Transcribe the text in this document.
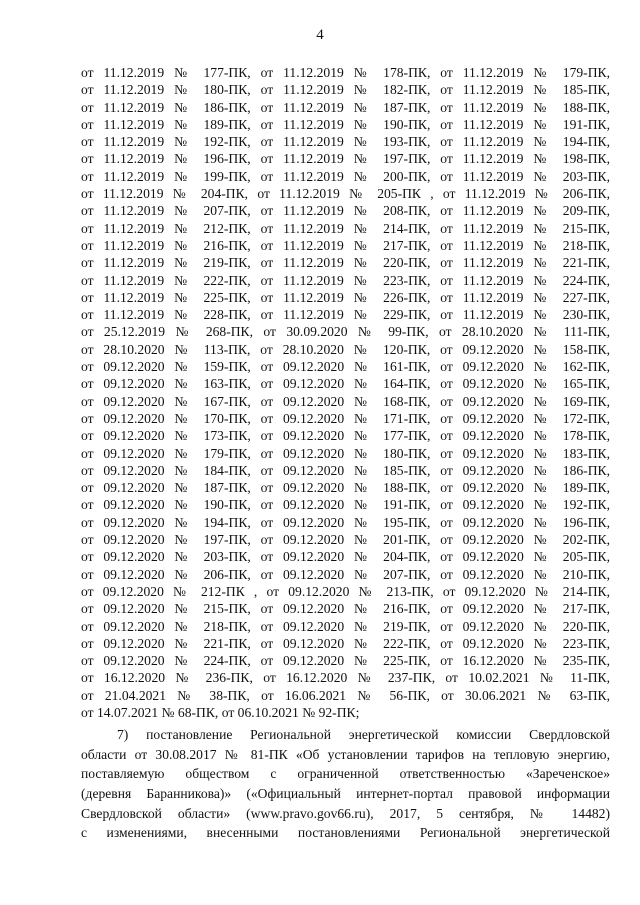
4
от 11.12.2019 № 177-ПК, от 11.12.2019 № 178-ПК, от 11.12.2019 № 179-ПК,
от 11.12.2019 № 180-ПК, от 11.12.2019 № 182-ПК, от 11.12.2019 № 185-ПК,
от 11.12.2019 № 186-ПК, от 11.12.2019 № 187-ПК, от 11.12.2019 № 188-ПК,
от 11.12.2019 № 189-ПК, от 11.12.2019 № 190-ПК, от 11.12.2019 № 191-ПК,
от 11.12.2019 № 192-ПК, от 11.12.2019 № 193-ПК, от 11.12.2019 № 194-ПК,
от 11.12.2019 № 196-ПК, от 11.12.2019 № 197-ПК, от 11.12.2019 № 198-ПК,
от 11.12.2019 № 199-ПК, от 11.12.2019 № 200-ПК, от 11.12.2019 № 203-ПК,
от 11.12.2019 № 204-ПК, от 11.12.2019 № 205-ПК , от 11.12.2019 № 206-ПК,
от 11.12.2019 № 207-ПК, от 11.12.2019 № 208-ПК, от 11.12.2019 № 209-ПК,
от 11.12.2019 № 212-ПК, от 11.12.2019 № 214-ПК, от 11.12.2019 № 215-ПК,
от 11.12.2019 № 216-ПК, от 11.12.2019 № 217-ПК, от 11.12.2019 № 218-ПК,
от 11.12.2019 № 219-ПК, от 11.12.2019 № 220-ПК, от 11.12.2019 № 221-ПК,
от 11.12.2019 № 222-ПК, от 11.12.2019 № 223-ПК, от 11.12.2019 № 224-ПК,
от 11.12.2019 № 225-ПК, от 11.12.2019 № 226-ПК, от 11.12.2019 № 227-ПК,
от 11.12.2019 № 228-ПК, от 11.12.2019 № 229-ПК, от 11.12.2019 № 230-ПК,
от 25.12.2019 № 268-ПК, от 30.09.2020 № 99-ПК, от 28.10.2020 № 111-ПК,
от 28.10.2020 № 113-ПК, от 28.10.2020 № 120-ПК, от 09.12.2020 № 158-ПК,
от 09.12.2020 № 159-ПК, от 09.12.2020 № 161-ПК, от 09.12.2020 № 162-ПК,
от 09.12.2020 № 163-ПК, от 09.12.2020 № 164-ПК, от 09.12.2020 № 165-ПК,
от 09.12.2020 № 167-ПК, от 09.12.2020 № 168-ПК, от 09.12.2020 № 169-ПК,
от 09.12.2020 № 170-ПК, от 09.12.2020 № 171-ПК, от 09.12.2020 № 172-ПК,
от 09.12.2020 № 173-ПК, от 09.12.2020 № 177-ПК, от 09.12.2020 № 178-ПК,
от 09.12.2020 № 179-ПК, от 09.12.2020 № 180-ПК, от 09.12.2020 № 183-ПК,
от 09.12.2020 № 184-ПК, от 09.12.2020 № 185-ПК, от 09.12.2020 № 186-ПК,
от 09.12.2020 № 187-ПК, от 09.12.2020 № 188-ПК, от 09.12.2020 № 189-ПК,
от 09.12.2020 № 190-ПК, от 09.12.2020 № 191-ПК, от 09.12.2020 № 192-ПК,
от 09.12.2020 № 194-ПК, от 09.12.2020 № 195-ПК, от 09.12.2020 № 196-ПК,
от 09.12.2020 № 197-ПК, от 09.12.2020 № 201-ПК, от 09.12.2020 № 202-ПК,
от 09.12.2020 № 203-ПК, от 09.12.2020 № 204-ПК, от 09.12.2020 № 205-ПК,
от 09.12.2020 № 206-ПК, от 09.12.2020 № 207-ПК, от 09.12.2020 № 210-ПК,
от 09.12.2020 № 212-ПК , от 09.12.2020 № 213-ПК, от 09.12.2020 № 214-ПК,
от 09.12.2020 № 215-ПК, от 09.12.2020 № 216-ПК, от 09.12.2020 № 217-ПК,
от 09.12.2020 № 218-ПК, от 09.12.2020 № 219-ПК, от 09.12.2020 № 220-ПК,
от 09.12.2020 № 221-ПК, от 09.12.2020 № 222-ПК, от 09.12.2020 № 223-ПК,
от 09.12.2020 № 224-ПК, от 09.12.2020 № 225-ПК, от 16.12.2020 № 235-ПК,
от 16.12.2020 № 236-ПК, от 16.12.2020 № 237-ПК, от 10.02.2021 № 11-ПК,
от 21.04.2021 № 38-ПК, от 16.06.2021 № 56-ПК, от 30.06.2021 № 63-ПК,
от 14.07.2021 № 68-ПК, от 06.10.2021 № 92-ПК;
7) постановление Региональной энергетической комиссии Свердловской
области от 30.08.2017 № 81-ПК «Об установлении тарифов на тепловую энергию,
поставляемую обществом с ограниченной ответственностью «Зареченское»
(деревня Баранникова)» («Официальный интернет-портал правовой информации
Свердловской области» (www.pravo.gov66.ru), 2017, 5 сентября, № 14482)
с изменениями, внесенными постановлениями Региональной энергетической
